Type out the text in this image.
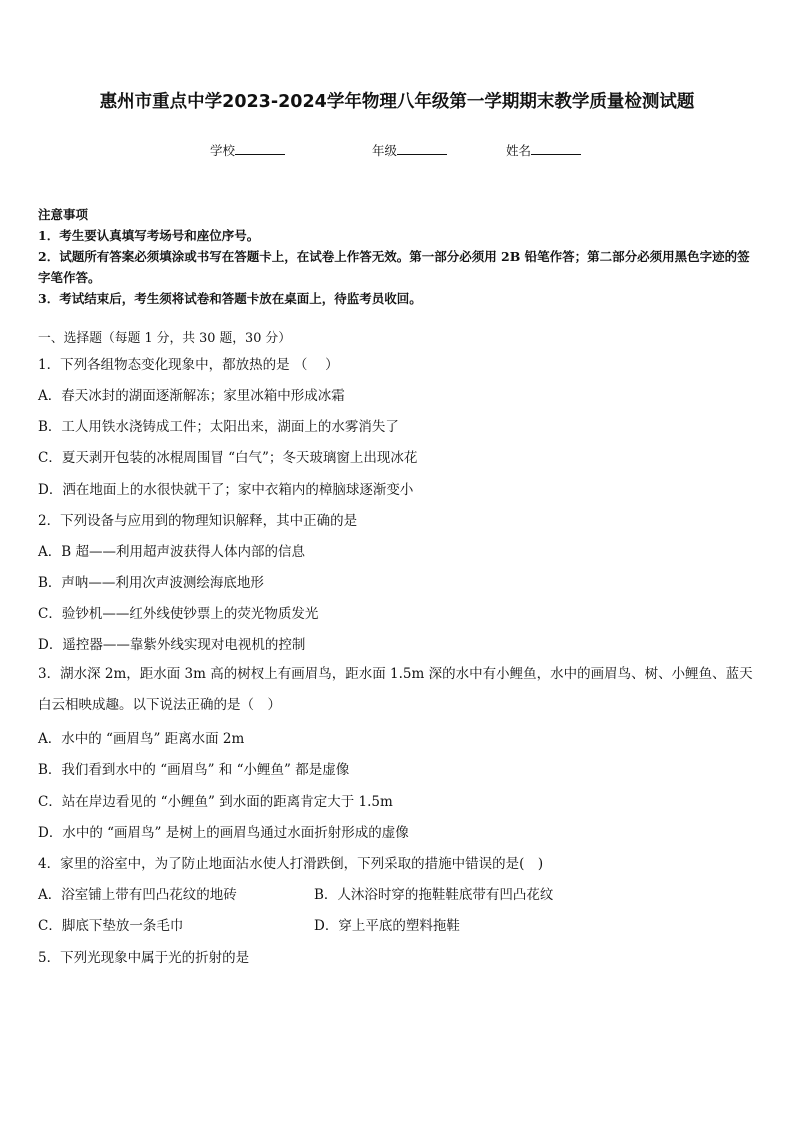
惠州市重点中学2023-2024学年物理八年级第一学期期末教学质量检测试题
学校	年级	姓名

注意事项

1．考生要认真填写考场号和座位序号。

2．试题所有答案必须填涂或书写在答题卡上，在试卷上作答无效。第一部分必须用 2B 铅笔作答；第二部分必须用黑色字迹的签字笔作答。

3．考试结束后，考生须将试卷和答题卡放在桌面上，待监考员收回。

一、选择题（每题 1 分，共 30 题，30 分）
1．下列各组物态变化现象中，都放热的是 （　 ）
A．春天冰封的湖面逐渐解冻；家里冰箱中形成冰霜
B．工人用铁水浇铸成工件；太阳出来，湖面上的水雾消失了
C．夏天剥开包装的冰棍周围冒 “白气”；冬天玻璃窗上出现冰花
D．洒在地面上的水很快就干了；家中衣箱内的樟脑球逐渐变小
2．下列设备与应用到的物理知识解释，其中正确的是
A．B 超——利用超声波获得人体内部的信息
B．声呐——利用次声波测绘海底地形
C．验钞机——红外线使钞票上的荧光物质发光
D．遥控器——靠紫外线实现对电视机的控制
3．湖水深 2m，距水面 3m 高的树杈上有画眉鸟，距水面 1.5m 深的水中有小鲤鱼，水中的画眉鸟、树、小鲤鱼、蓝天白云相映成趣。以下说法正确的是（　）
A．水中的 “画眉鸟” 距离水面 2m
B．我们看到水中的 “画眉鸟” 和 “小鲤鱼” 都是虚像
C．站在岸边看见的 “小鲤鱼” 到水面的距离肯定大于 1.5m
D．水中的 “画眉鸟” 是树上的画眉鸟通过水面折射形成的虚像
4．家里的浴室中，为了防止地面沾水使人打滑跌倒，下列采取的措施中错误的是(　)
A．浴室铺上带有凹凸花纹的地砖	B．人沐浴时穿的拖鞋鞋底带有凹凸花纹
C．脚底下垫放一条毛巾	D．穿上平底的塑料拖鞋
5．下列光现象中属于光的折射的是
